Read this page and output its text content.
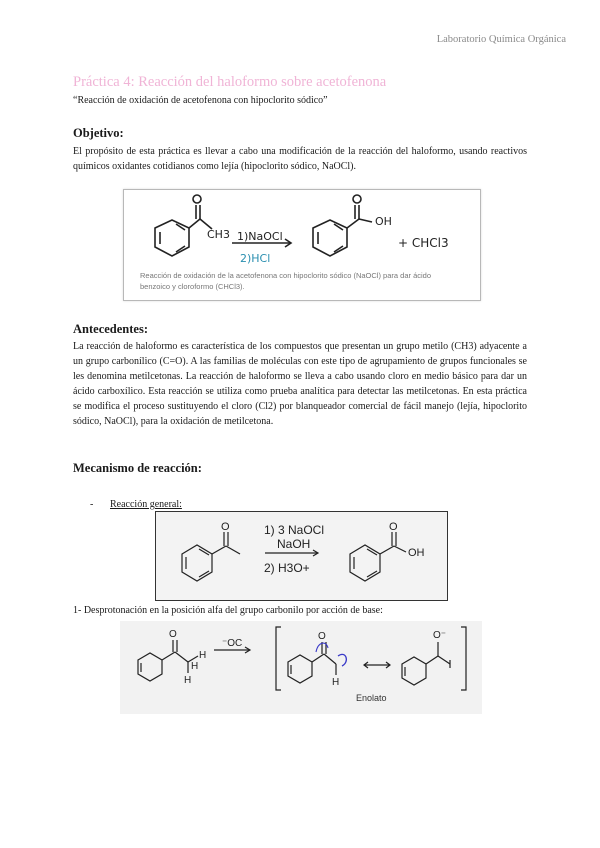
Laboratorio Química Orgánica
Práctica 4: Reacción del haloformo sobre acetofenona
“Reacción de oxidación de acetofenona con hipoclorito sódico”
Objetivo:
El propósito de esta práctica es llevar a cabo una modificación de la reacción del haloformo, usando reactivos químicos oxidantes cotidianos como lejía (hipoclorito sódico, NaOCl).
CH3 1)NaOCl
2)HCl
OH
+ CHCl3
Reacción de oxidación de la acetofenona con hipoclorito sódico (NaOCl) para dar ácido benzoico y cloroformo (CHCl3).
Antecedentes:
La reacción de haloformo es característica de los compuestos que presentan un grupo metilo (CH3) adyacente a un grupo carbonílico (C=O). A las familias de moléculas con este tipo de agrupamiento de grupos funcionales se les denomina metilcetonas. La reacción de haloformo se lleva a cabo usando cloro en medio básico para dar un ácido carboxílico. Esta reacción se utiliza como prueba analítica para detectar las metilcetonas. En esta práctica se modifica el proceso sustituyendo el cloro (Cl2) por blanqueador comercial de fácil manejo (lejía, hipoclorito sódico, NaOCl), para la oxidación de metilcetona.
Mecanismo de reacción:
- Reacción general:
O	1) 3 NaOCl
NaOH
2) H3O+
O
OH
1- Desprotonación en la posición alfa del grupo carbonilo por acción de base:
O
H
H
H
⁻OC
O
H
O⁻
Enolato
